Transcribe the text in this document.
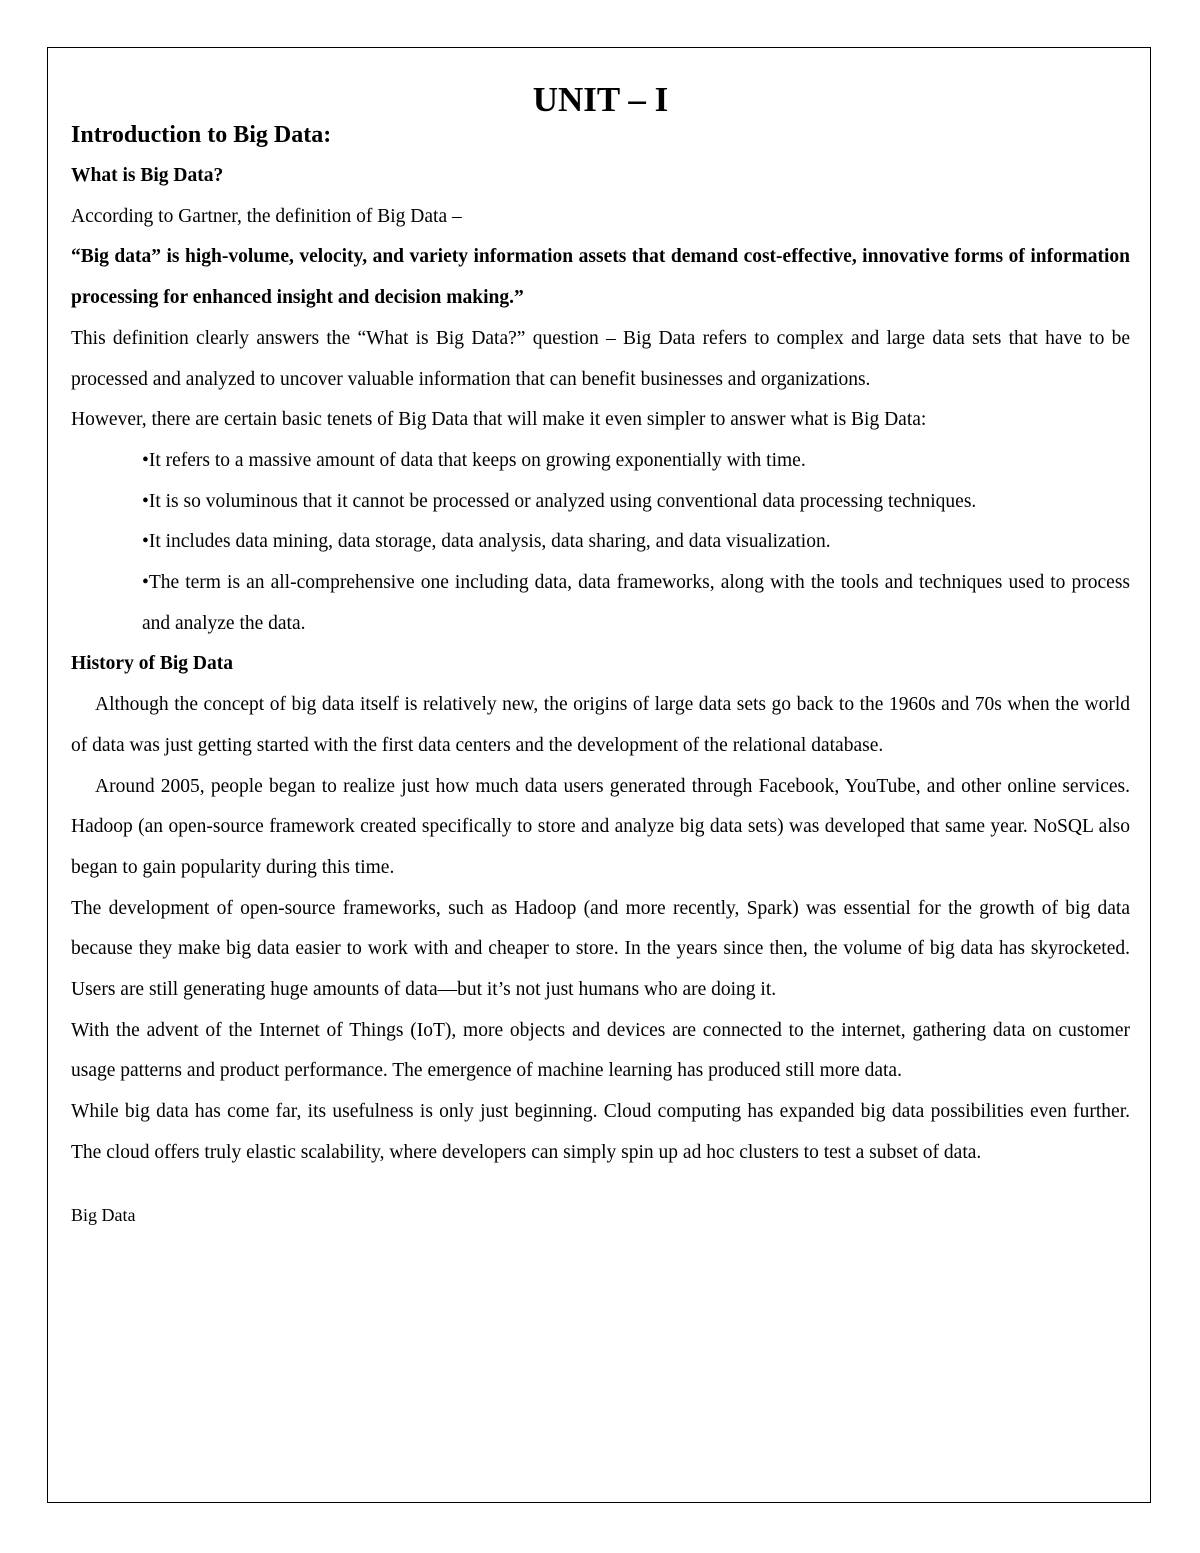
UNIT – I
Introduction to Big Data:
What is Big Data?

According to Gartner, the definition of Big Data –

“Big data” is high-volume, velocity, and variety information assets that demand cost-effective, innovative forms of information processing for enhanced insight and decision making.”

This definition clearly answers the “What is Big Data?” question – Big Data refers to complex and large data sets that have to be processed and analyzed to uncover valuable information that can benefit businesses and organizations.

However, there are certain basic tenets of Big Data that will make it even simpler to answer what is Big Data:

•It refers to a massive amount of data that keeps on growing exponentially with time.
•It is so voluminous that it cannot be processed or analyzed using conventional data processing techniques.
•It includes data mining, data storage, data analysis, data sharing, and data visualization.
•The term is an all-comprehensive one including data, data frameworks, along with the tools and techniques used to process and analyze the data.
History of Big Data

Although the concept of big data itself is relatively new, the origins of large data sets go back to the 1960s and 70s when the world of data was just getting started with the first data centers and the development of the relational database.

Around 2005, people began to realize just how much data users generated through Facebook, YouTube, and other online services. Hadoop (an open-source framework created specifically to store and analyze big data sets) was developed that same year. NoSQL also began to gain popularity during this time.

The development of open-source frameworks, such as Hadoop (and more recently, Spark) was essential for the growth of big data because they make big data easier to work with and cheaper to store. In the years since then, the volume of big data has skyrocketed. Users are still generating huge amounts of data—but it’s not just humans who are doing it.

With the advent of the Internet of Things (IoT), more objects and devices are connected to the internet, gathering data on customer usage patterns and product performance. The emergence of machine learning has produced still more data.

While big data has come far, its usefulness is only just beginning. Cloud computing has expanded big data possibilities even further. The cloud offers truly elastic scalability, where developers can simply spin up ad hoc clusters to test a subset of data.

Big Data
